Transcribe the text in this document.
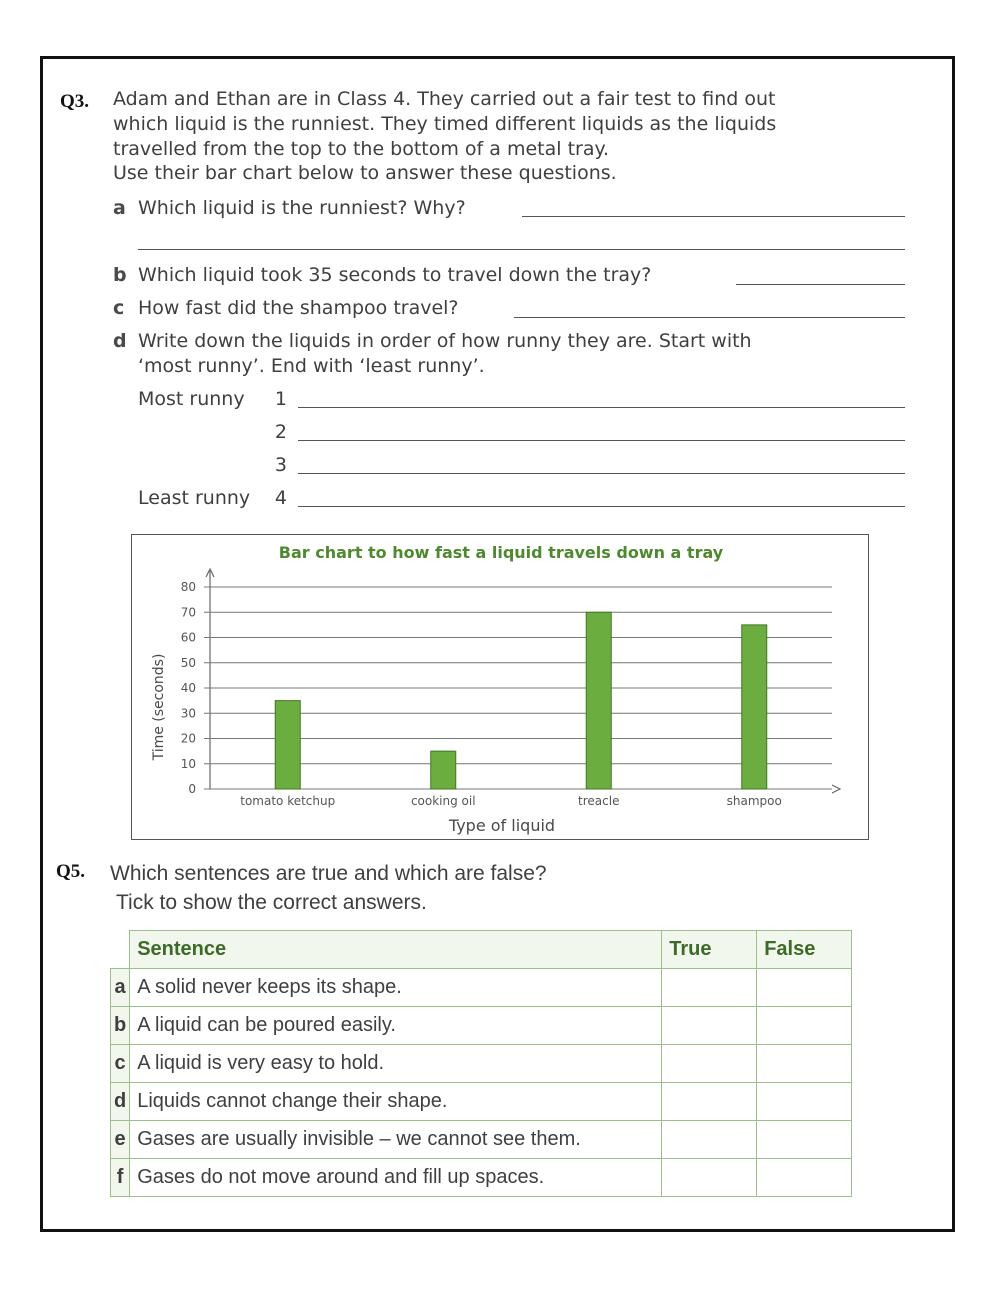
Q3. Adam and Ethan are in Class 4. They carried out a fair test to find out
which liquid is the runniest. They timed different liquids as the liquids
travelled from the top to the bottom of a metal tray.
Use their bar chart below to answer these questions.
a Which liquid is the runniest? Why?
b Which liquid took 35 seconds to travel down the tray?
c How fast did the shampoo travel?
d Write down the liquids in order of how runny they are. Start with
‘most runny’. End with ‘least runny’.
Most runny	1
2
3
Least runny	4
Bar chart to how fast a liquid travels down a tray
0
10
20
30
40
50
60
70
80
tomato ketchup	cooking oil	treacle	shampoo
Type of liquid
Time (seconds)
Q5. Which sentences are true and which are false?
Tick to show the correct answers.
	Sentence	True	False
a	A solid never keeps its shape.		
b	A liquid can be poured easily.		
c	A liquid is very easy to hold.		
d	Liquids cannot change their shape.		
e	Gases are usually invisible – we cannot see them.		
f	Gases do not move around and fill up spaces.		
